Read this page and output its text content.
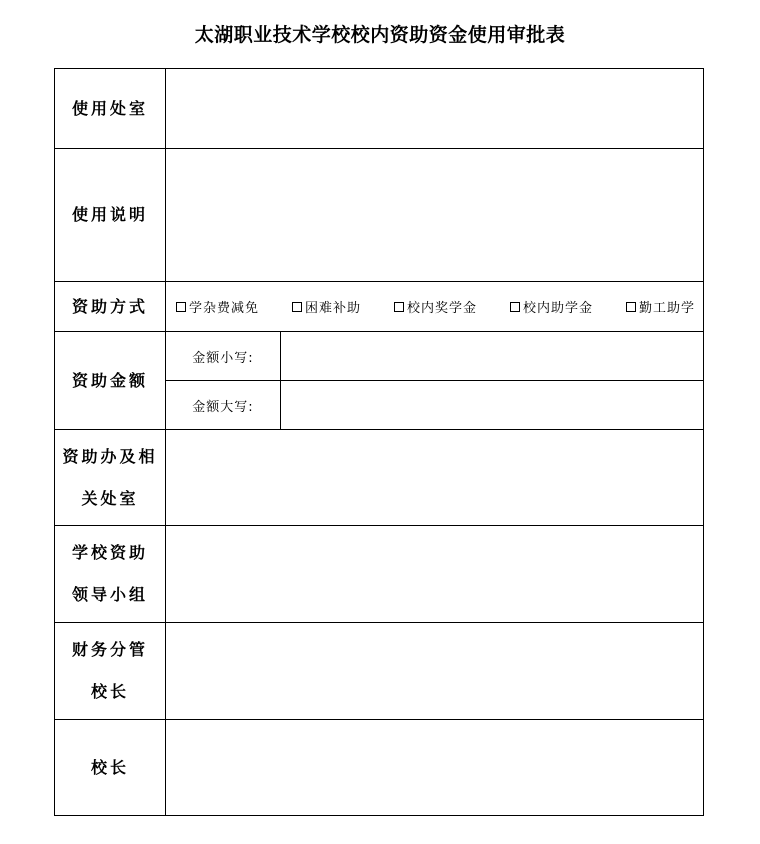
太湖职业技术学校校内资助资金使用审批表
使用处室	
使用说明	
资助方式	学杂费减免	困难补助	校内奖学金	校内助学金	勤工助学

资助金额	
金额小写:	
金额大写:	

资助办及相
关处室

学校资助
领导小组

财务分管
校长

校长	
